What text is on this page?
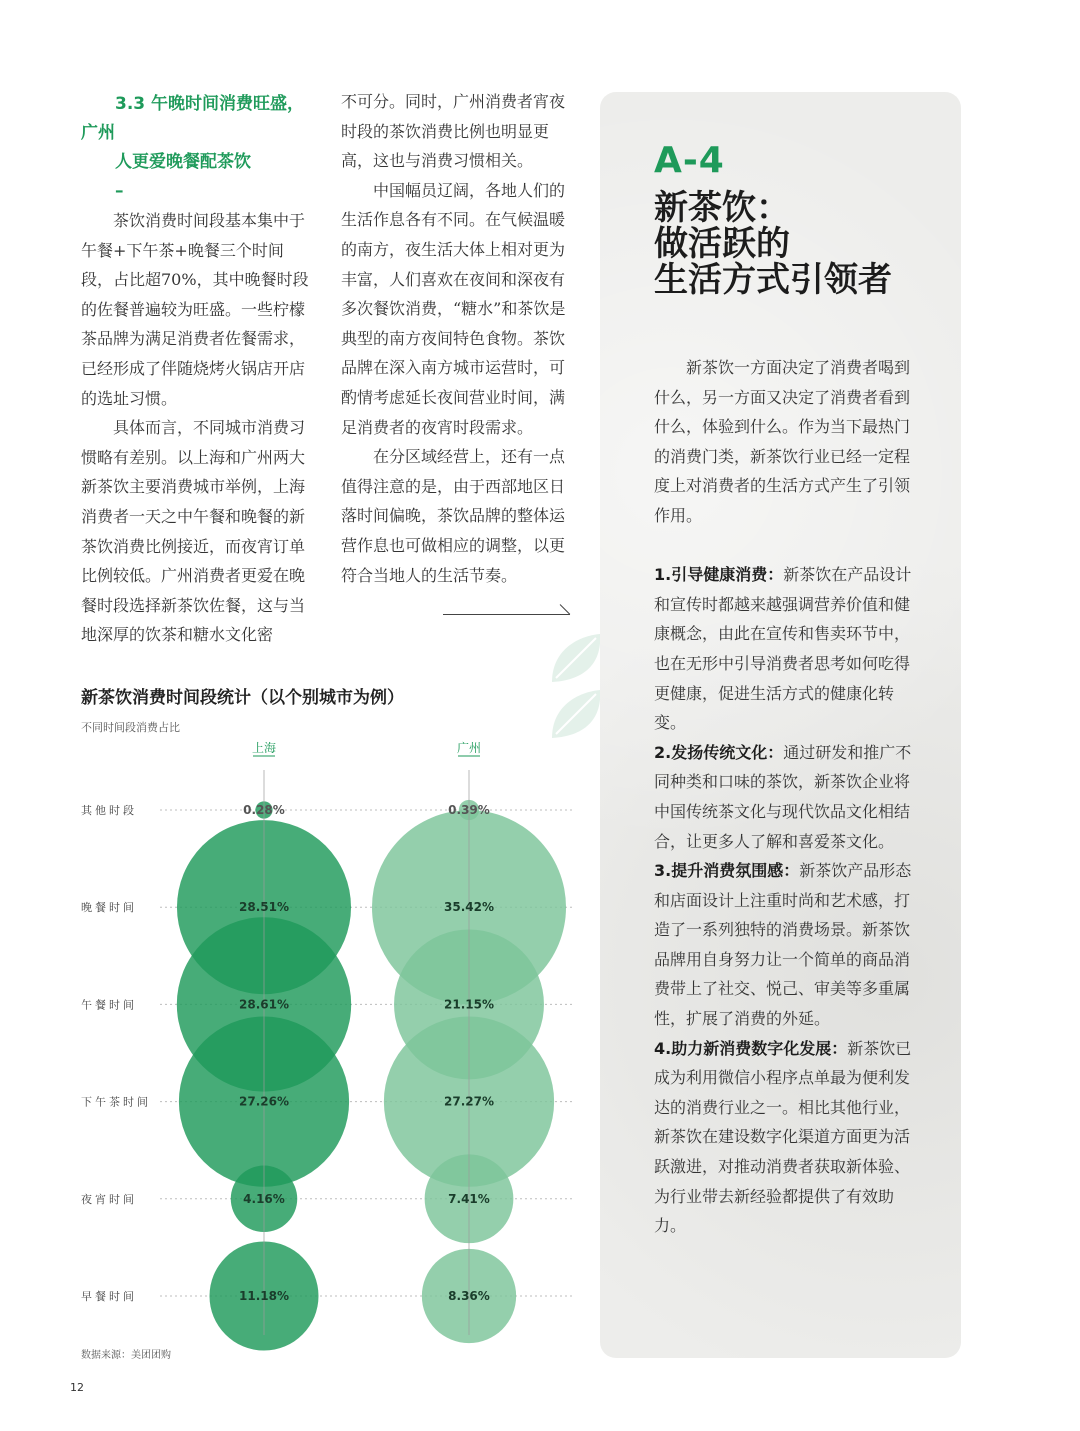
3.3 午晚时间消费旺盛，广州

人更爱晚餐配茶饮

–

茶饮消费时间段基本集中于午餐+下午茶+晚餐三个时间段，占比超70%，其中晚餐时段的佐餐普遍较为旺盛。一些柠檬茶品牌为满足消费者佐餐需求，已经形成了伴随烧烤火锅店开店的选址习惯。

具体而言，不同城市消费习惯略有差别。以上海和广州两大新茶饮主要消费城市举例，上海消费者一天之中午餐和晚餐的新茶饮消费比例接近，而夜宵订单比例较低。广州消费者更爱在晚餐时段选择新茶饮佐餐，这与当地深厚的饮茶和糖水文化密

不可分。同时，广州消费者宵夜时段的茶饮消费比例也明显更高，这也与消费习惯相关。

中国幅员辽阔，各地人们的生活作息各有不同。在气候温暖的南方，夜生活大体上相对更为丰富，人们喜欢在夜间和深夜有多次餐饮消费，“糖水”和茶饮是典型的南方夜间特色食物。茶饮品牌在深入南方城市运营时，可酌情考虑延长夜间营业时间，满足消费者的夜宵时段需求。

在分区域经营上，还有一点值得注意的是，由于西部地区日落时间偏晚，茶饮品牌的整体运营作息也可做相应的调整，以更符合当地人的生活节奏。

新茶饮消费时间段统计（以个别城市为例）
不同时间段消费占比
其他时段
晚餐时间
午餐时间
下午茶时间
夜宵时间
早餐时间
上海	广州
0.28%
28.51%
28.61%
27.26%
4.16%
11.18%
0.39%
35.42%
21.15%
27.27%
7.41%
8.36%
数据来源：美团团购
12
A-4
新茶饮：
做活跃的
生活方式引领者

新茶饮一方面决定了消费者喝到什么，另一方面又决定了消费者看到什么，体验到什么。作为当下最热门的消费门类，新茶饮行业已经一定程度上对消费者的生活方式产生了引领作用。

1.引导健康消费：新茶饮在产品设计和宣传时都越来越强调营养价值和健康概念，由此在宣传和售卖环节中，也在无形中引导消费者思考如何吃得更健康，促进生活方式的健康化转变。

2.发扬传统文化：通过研发和推广不同种类和口味的茶饮，新茶饮企业将中国传统茶文化与现代饮品文化相结合，让更多人了解和喜爱茶文化。

3.提升消费氛围感：新茶饮产品形态和店面设计上注重时尚和艺术感，打造了一系列独特的消费场景。新茶饮品牌用自身努力让一个简单的商品消费带上了社交、悦己、审美等多重属性，扩展了消费的外延。

4.助力新消费数字化发展：新茶饮已成为利用微信小程序点单最为便利发达的消费行业之一。相比其他行业，新茶饮在建设数字化渠道方面更为活跃激进，对推动消费者获取新体验、为行业带去新经验都提供了有效助力。
